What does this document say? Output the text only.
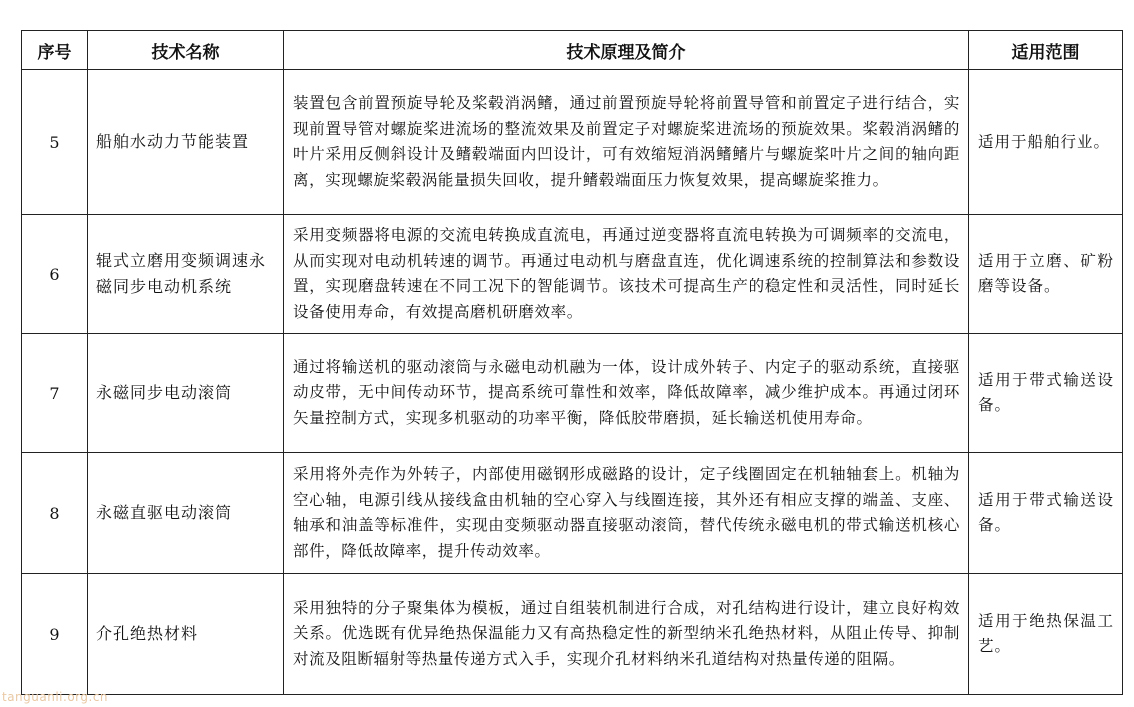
序号	技术名称	技术原理及简介	适用范围
5	船舶水动力节能装置	装置包含前置预旋导轮及桨毂消涡鳍，通过前置预旋导轮将前置导管和前置定子进行结合，实现前置导管对螺旋桨进流场的整流效果及前置定子对螺旋桨进流场的预旋效果。桨毂消涡鳍的叶片采用反侧斜设计及鳍毂端面内凹设计，可有效缩短消涡鳍鳍片与螺旋桨叶片之间的轴向距离，实现螺旋桨毂涡能量损失回收，提升鳍毂端面压力恢复效果，提高螺旋桨推力。	适用于船舶行业。
6	辊式立磨用变频调速永磁同步电动机系统	采用变频器将电源的交流电转换成直流电，再通过逆变器将直流电转换为可调频率的交流电，从而实现对电动机转速的调节。再通过电动机与磨盘直连，优化调速系统的控制算法和参数设置，实现磨盘转速在不同工况下的智能调节。该技术可提高生产的稳定性和灵活性，同时延长设备使用寿命，有效提高磨机研磨效率。	适用于立磨、矿粉磨等设备。
7	永磁同步电动滚筒	通过将输送机的驱动滚筒与永磁电动机融为一体，设计成外转子、内定子的驱动系统，直接驱动皮带，无中间传动环节，提高系统可靠性和效率，降低故障率，减少维护成本。再通过闭环矢量控制方式，实现多机驱动的功率平衡，降低胶带磨损，延长输送机使用寿命。	适用于带式输送设备。
8	永磁直驱电动滚筒	采用将外壳作为外转子，内部使用磁钢形成磁路的设计，定子线圈固定在机轴轴套上。机轴为空心轴，电源引线从接线盒由机轴的空心穿入与线圈连接，其外还有相应支撑的端盖、支座、轴承和油盖等标准件，实现由变频驱动器直接驱动滚筒，替代传统永磁电机的带式输送机核心部件，降低故障率，提升传动效率。	适用于带式输送设备。
9	介孔绝热材料	采用独特的分子聚集体为模板，通过自组装机制进行合成，对孔结构进行设计，建立良好构效关系。优选既有优异绝热保温能力又有高热稳定性的新型纳米孔绝热材料，从阻止传导、抑制对流及阻断辐射等热量传递方式入手，实现介孔材料纳米孔道结构对热量传递的阻隔。	适用于绝热保温工艺。
tanguanli.org.cn
